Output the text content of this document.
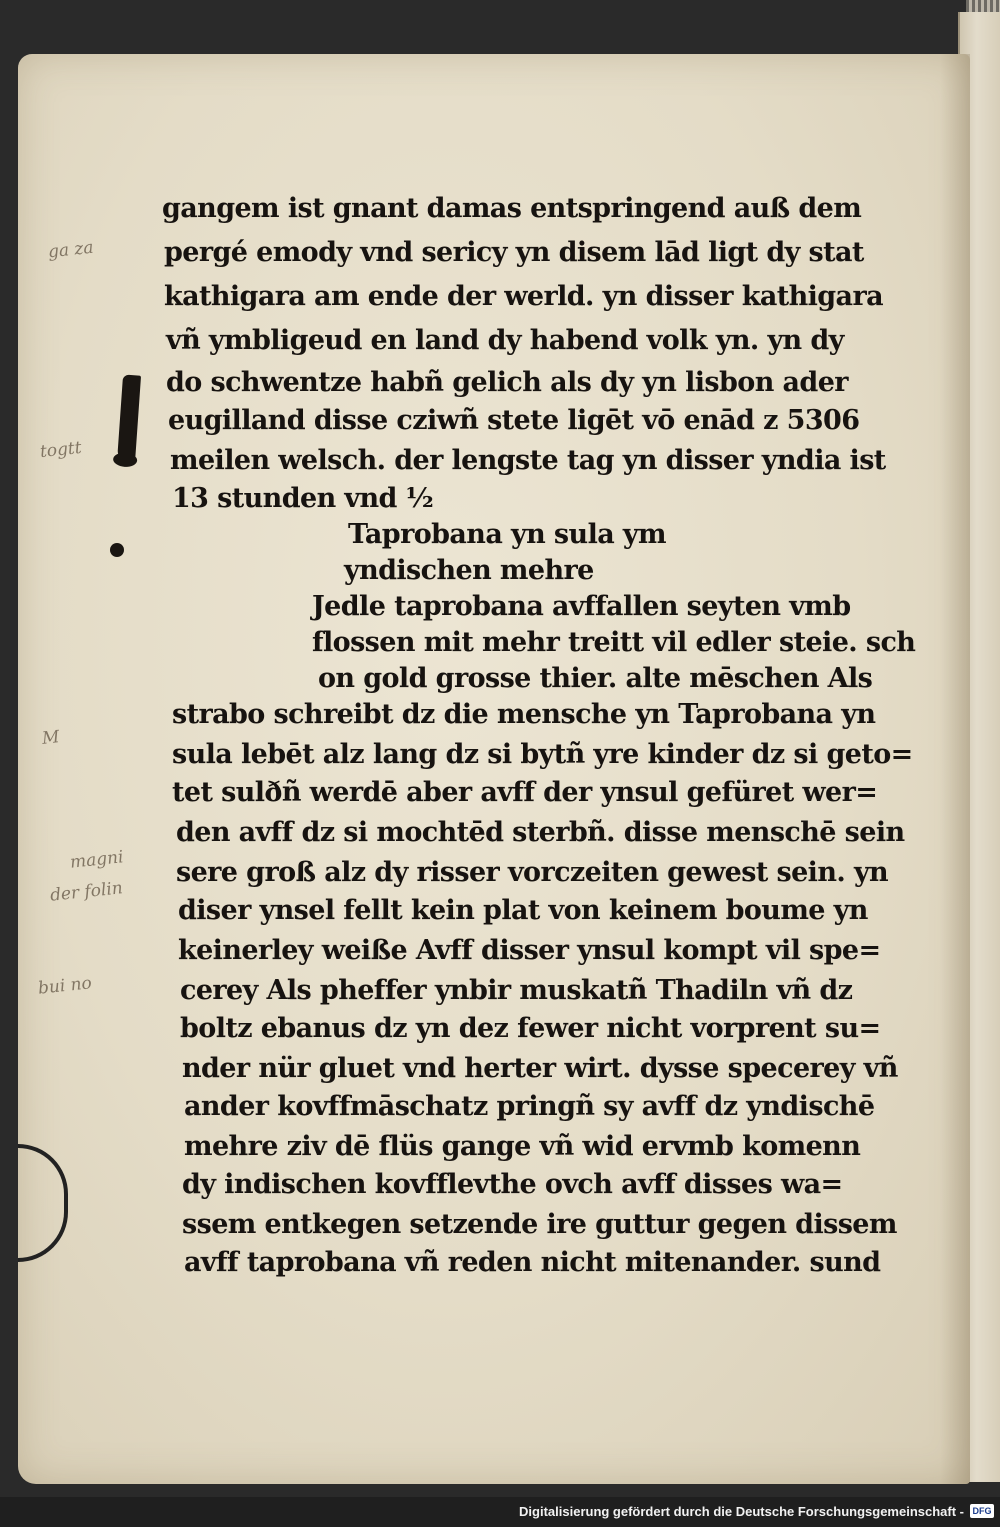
ga za
togtt
M
magni
der folin
bui no
gangem ist gnant damas entspringend auß dem
pergé emody vnd sericy yn disem lād ligt dy stat
kathigara am ende der werld. yn disser kathigara
vñ ymbligeud en land dy habend volk yn. yn dy
do schwentze habñ gelich als dy yn lisbon ader
eugilland disse cziwñ stete ligēt vō enād z 5306
meilen welsch. der lengste tag yn disser yndia ist
13 stunden vnd ½
Taprobana yn sula ym
yndischen mehre
Jedle taprobana avffallen seyten vmb
flossen mit mehr treitt vil edler steie. sch
on gold grosse thier. alte mēschen Als
strabo schreibt dz die mensche yn Taprobana yn
sula lebēt alz lang dz si bytñ yre kinder dz si geto=
tet sulðñ werdē aber avff der ynsul gefüret wer=
den avff dz si mochtēd sterbñ. disse menschē sein
sere groß alz dy risser vorczeiten gewest sein. yn
diser ynsel fellt kein plat von keinem boume yn
keinerley weiße Avff disser ynsul kompt vil spe=
cerey Als pheffer ynbir muskatñ Thadiln vñ dz
boltz ebanus dz yn dez fewer nicht vorprent su=
nder nür gluet vnd herter wirt. dysse specerey vñ
ander kovffmāschatz pringñ sy avff dz yndischē
mehre ziv dē flüs gange vñ wid ervmb komenn
dy indischen kovfflevthe ovch avff disses wa=
ssem entkegen setzende ire guttur gegen dissem
avff taprobana vñ reden nicht mitenander. sund
Digitalisierung gefördert durch die Deutsche Forschungsgemeinschaft - DFG
